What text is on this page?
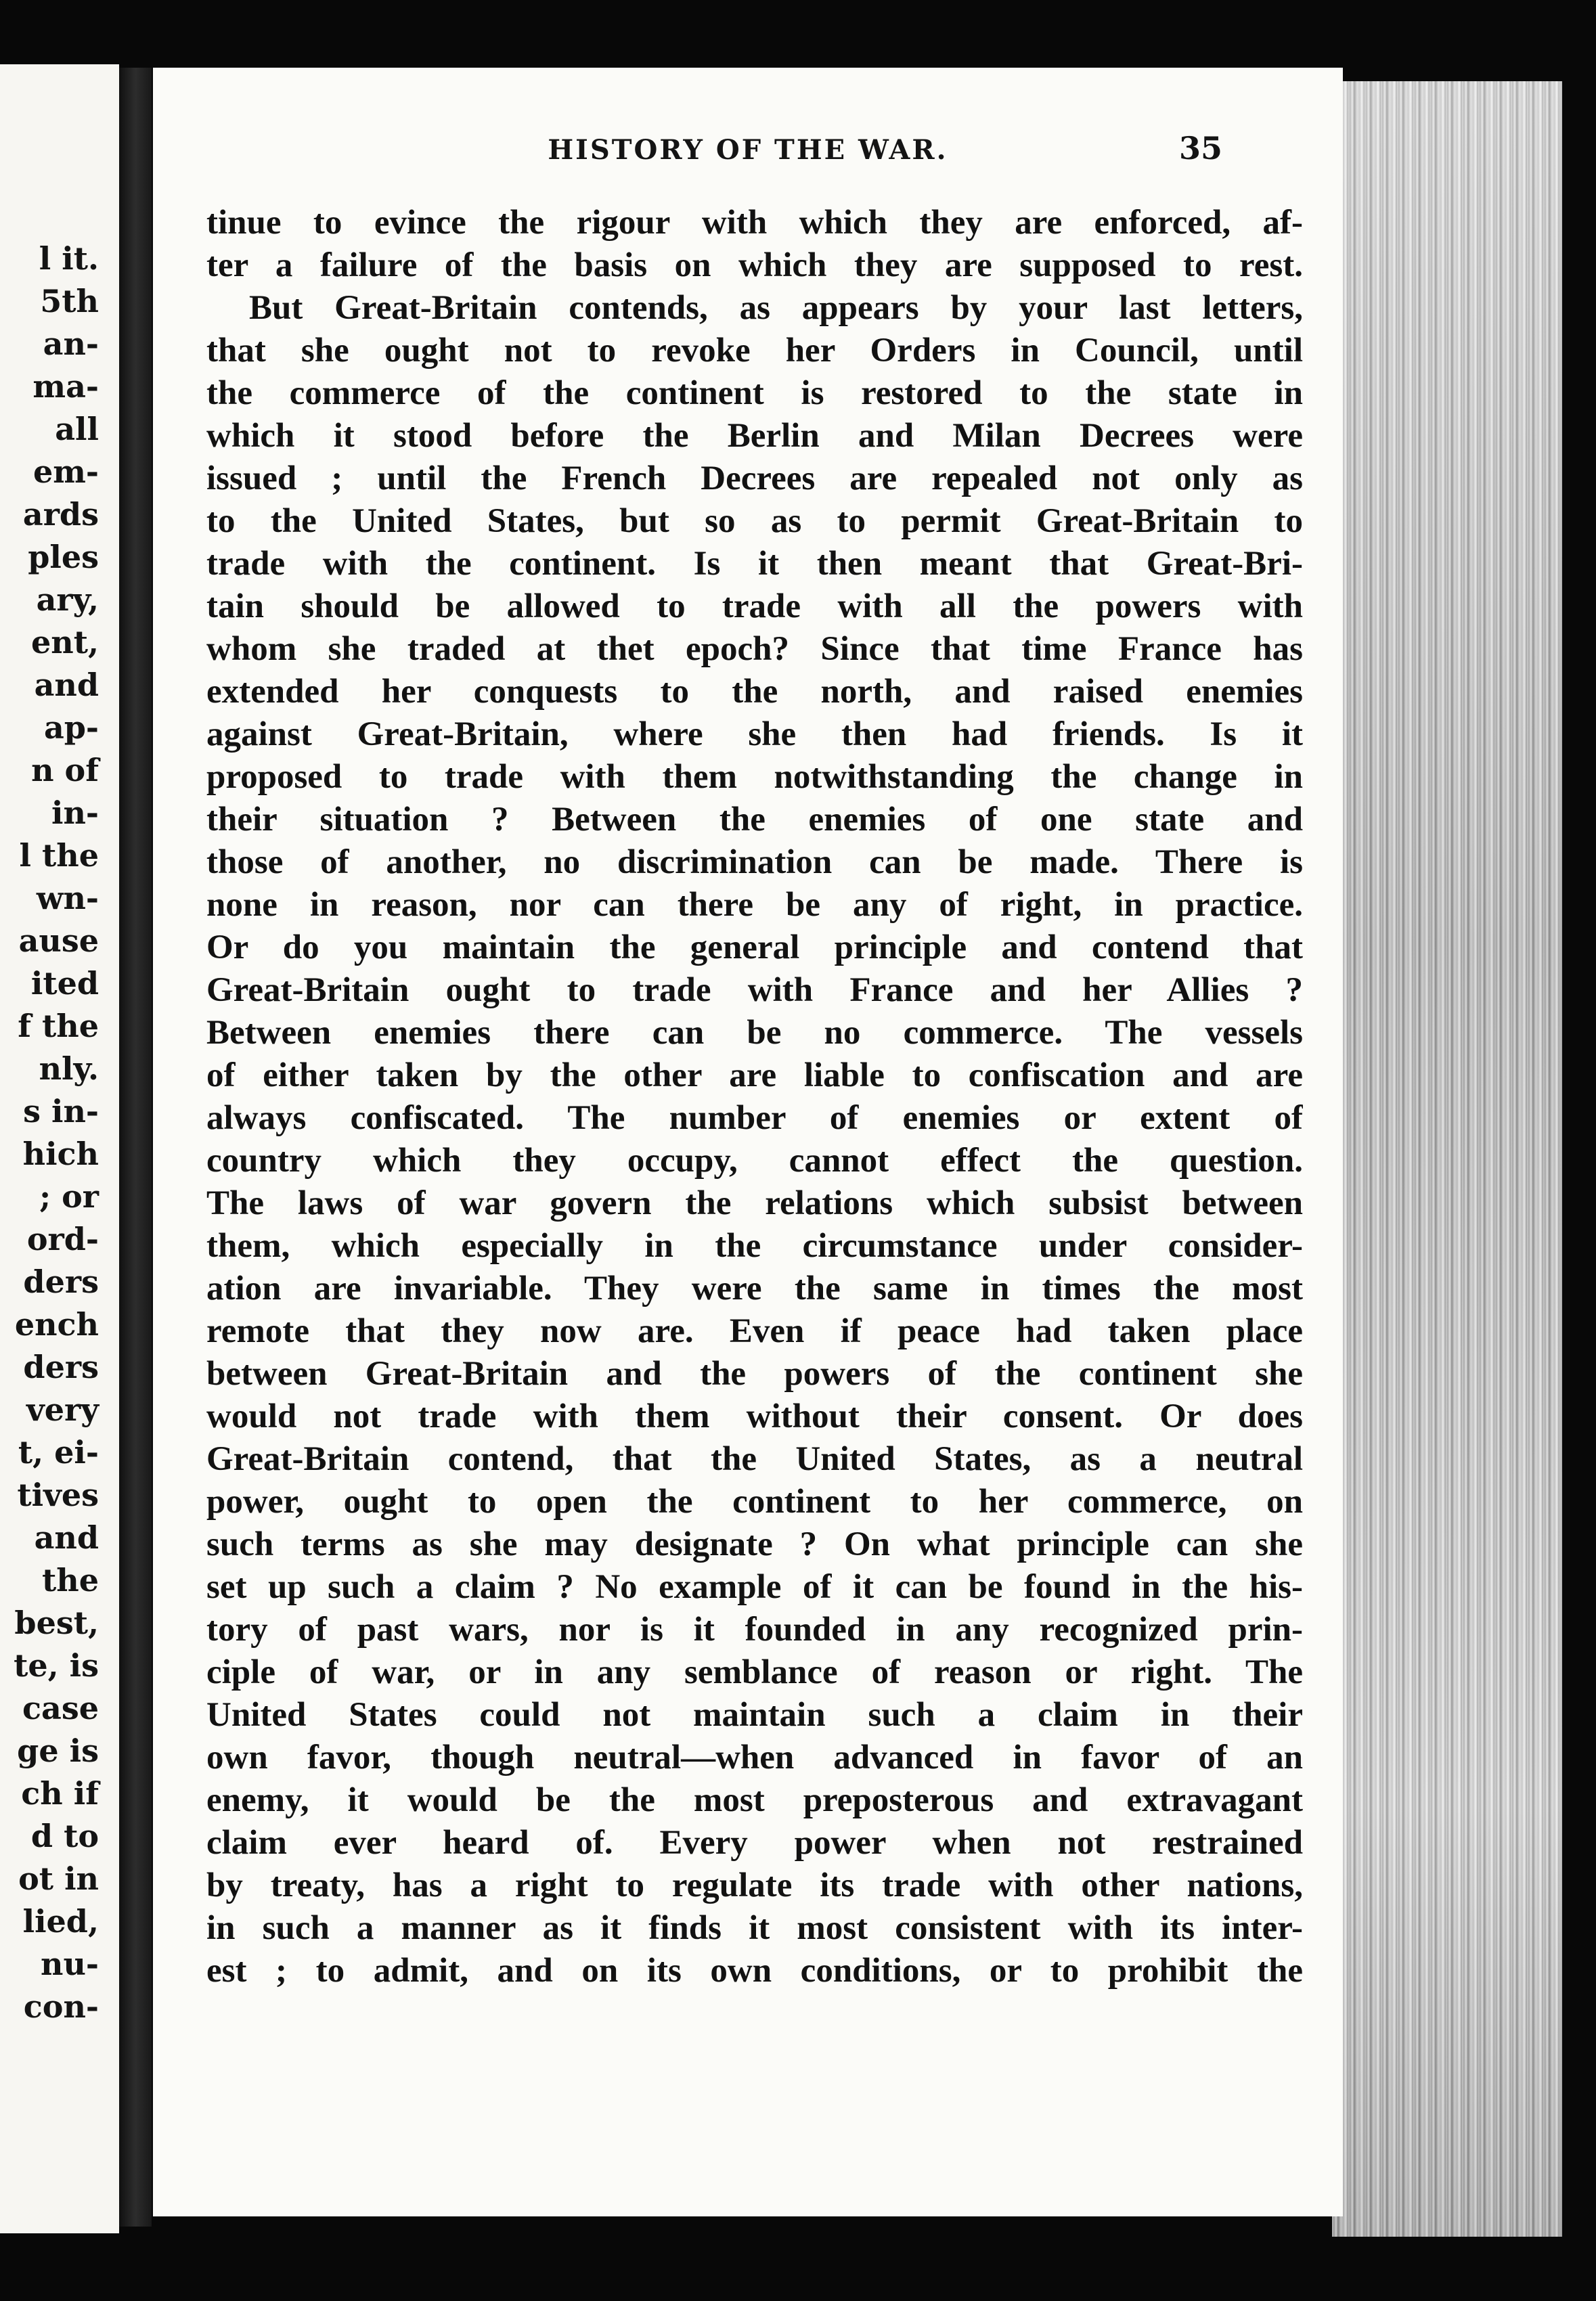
l it.
5th
an-
ma-
all
em-
ards
ples
ary,
ent,
and
ap-
n of
in-
l the
wn-
ause
ited
f the
nly.
s in-
hich
; or
ord-
ders
ench
ders
very
t, ei-
tives
and
the
best,
te, is
case
ge is
ch if
d to
ot in
lied,
nu-
con-
HISTORY OF THE WAR.	35
tinue to evince the rigour with which they are enforced, af-
ter a failure of the basis on which they are supposed to rest.
But Great-Britain contends, as appears by your last letters,
that she ought not to revoke her Orders in Council, until
the commerce of the continent is restored to the state in
which it stood before the Berlin and Milan Decrees were
issued ; until the French Decrees are repealed not only as
to the United States, but so as to permit Great-Britain to
trade with the continent. Is it then meant that Great-Bri-
tain should be allowed to trade with all the powers with
whom she traded at thet epoch? Since that time France has
extended her conquests to the north, and raised enemies
against Great-Britain, where she then had friends. Is it
proposed to trade with them notwithstanding the change in
their situation ? Between the enemies of one state and
those of another, no discrimination can be made. There is
none in reason, nor can there be any of right, in practice.
Or do you maintain the general principle and contend that
Great-Britain ought to trade with France and her Allies ?
Between enemies there can be no commerce. The vessels
of either taken by the other are liable to confiscation and are
always confiscated. The number of enemies or extent of
country which they occupy, cannot effect the question.
The laws of war govern the relations which subsist between
them, which especially in the circumstance under consider-
ation are invariable. They were the same in times the most
remote that they now are. Even if peace had taken place
between Great-Britain and the powers of the continent she
would not trade with them without their consent. Or does
Great-Britain contend, that the United States, as a neutral
power, ought to open the continent to her commerce, on
such terms as she may designate ? On what principle can she
set up such a claim ? No example of it can be found in the his-
tory of past wars, nor is it founded in any recognized prin-
ciple of war, or in any semblance of reason or right. The
United States could not maintain such a claim in their
own favor, though neutral—when advanced in favor of an
enemy, it would be the most preposterous and extravagant
claim ever heard of. Every power when not restrained
by treaty, has a right to regulate its trade with other nations,
in such a manner as it finds it most consistent with its inter-
est ; to admit, and on its own conditions, or to prohibit the
